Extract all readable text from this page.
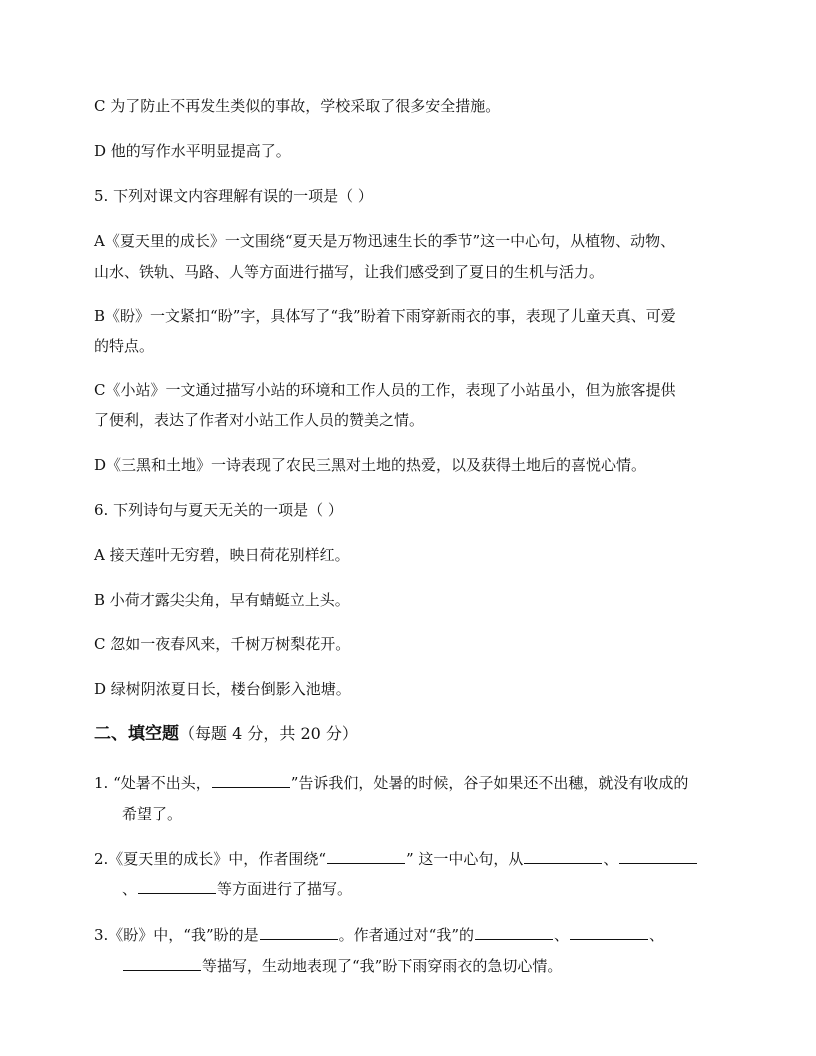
C 为了防止不再发生类似的事故，学校采取了很多安全措施。
D 他的写作水平明显提高了。
5. 下列对课文内容理解有误的一项是（ ）
A《夏天里的成长》一文围绕“夏天是万物迅速生长的季节”这一中心句，从植物、动物、
山水、铁轨、马路、人等方面进行描写，让我们感受到了夏日的生机与活力。
B《盼》一文紧扣“盼”字，具体写了“我”盼着下雨穿新雨衣的事，表现了儿童天真、可爱
的特点。
C《小站》一文通过描写小站的环境和工作人员的工作，表现了小站虽小，但为旅客提供
了便利，表达了作者对小站工作人员的赞美之情。
D《三黑和土地》一诗表现了农民三黑对土地的热爱，以及获得土地后的喜悦心情。
6. 下列诗句与夏天无关的一项是（ ）
A 接天莲叶无穷碧，映日荷花别样红。
B 小荷才露尖尖角，早有蜻蜓立上头。
C 忽如一夜春风来，千树万树梨花开。
D 绿树阴浓夏日长，楼台倒影入池塘。
二、填空题（每题 4 分，共 20 分）
1. “处暑不出头，	”告诉我们，处暑的时候，谷子如果还不出穗，就没有收成的
希望了。
2.《夏天里的成长》中，作者围绕“	” 这一中心句，从	、
、	等方面进行了描写。
3.《盼》中，“我”盼的是	。作者通过对“我”的	、	、
等描写，生动地表现了“我”盼下雨穿雨衣的急切心情。
